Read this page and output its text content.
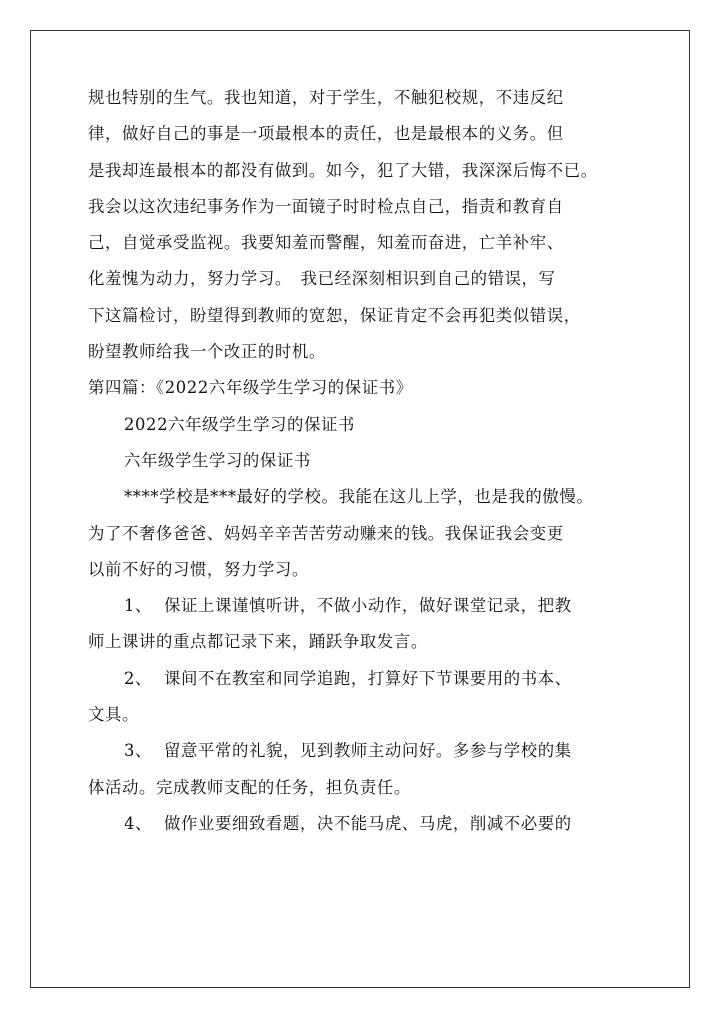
规也特别的生气。我也知道，对于学生，不触犯校规，不违反纪
律，做好自己的事是一项最根本的责任，也是最根本的义务。但
是我却连最根本的都没有做到。如今，犯了大错，我深深后悔不已。
我会以这次违纪事务作为一面镜子时时检点自己，指责和教育自
己，自觉承受监视。我要知羞而警醒，知羞而奋进，亡羊补牢、
化羞愧为动力，努力学习。　我已经深刻相识到自己的错误，写
下这篇检讨，盼望得到教师的宽恕，保证肯定不会再犯类似错误，
盼望教师给我一个改正的时机。
第四篇：《2022六年级学生学习的保证书》
2022六年级学生学习的保证书
六年级学生学习的保证书
****学校是***最好的学校。我能在这儿上学，也是我的傲慢。
为了不奢侈爸爸、妈妈辛辛苦苦劳动赚来的钱。我保证我会变更
以前不好的习惯，努力学习。
1、 保证上课谨慎听讲，不做小动作，做好课堂记录，把教
师上课讲的重点都记录下来，踊跃争取发言。
2、 课间不在教室和同学追跑，打算好下节课要用的书本、
文具。
3、 留意平常的礼貌，见到教师主动问好。多参与学校的集
体活动。完成教师支配的任务，担负责任。
4、 做作业要细致看题，决不能马虎、马虎，削减不必要的
